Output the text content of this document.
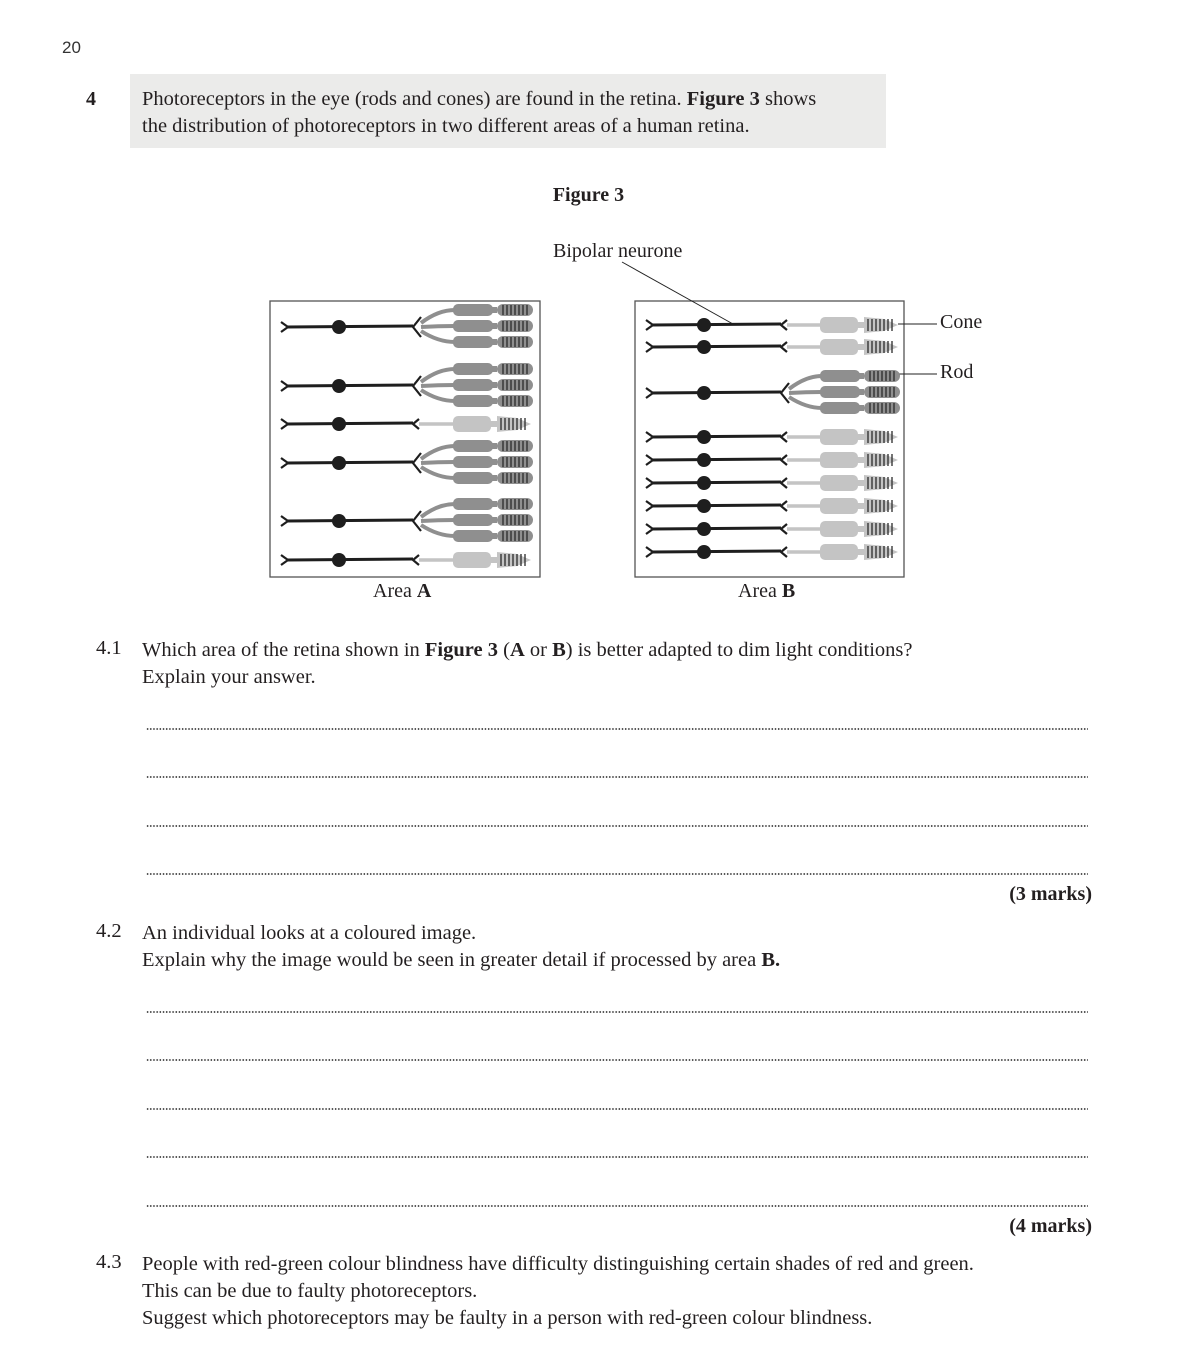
20
4 Photoreceptors in the eye (rods and cones) are found in the retina. Figure 3 shows
the distribution of photoreceptors in two different areas of a human retina.
Figure 3
Bipolar neurone
Cone
Rod
Area A	Area B
4.1 Which area of the retina shown in Figure 3 (A or B) is better adapted to dim light conditions?
Explain your answer.
(3 marks)
4.2 An individual looks at a coloured image.
Explain why the image would be seen in greater detail if processed by area B.
(4 marks)
4.3 People with red-green colour blindness have difficulty distinguishing certain shades of red and green.
This can be due to faulty photoreceptors.
Suggest which photoreceptors may be faulty in a person with red-green colour blindness.
